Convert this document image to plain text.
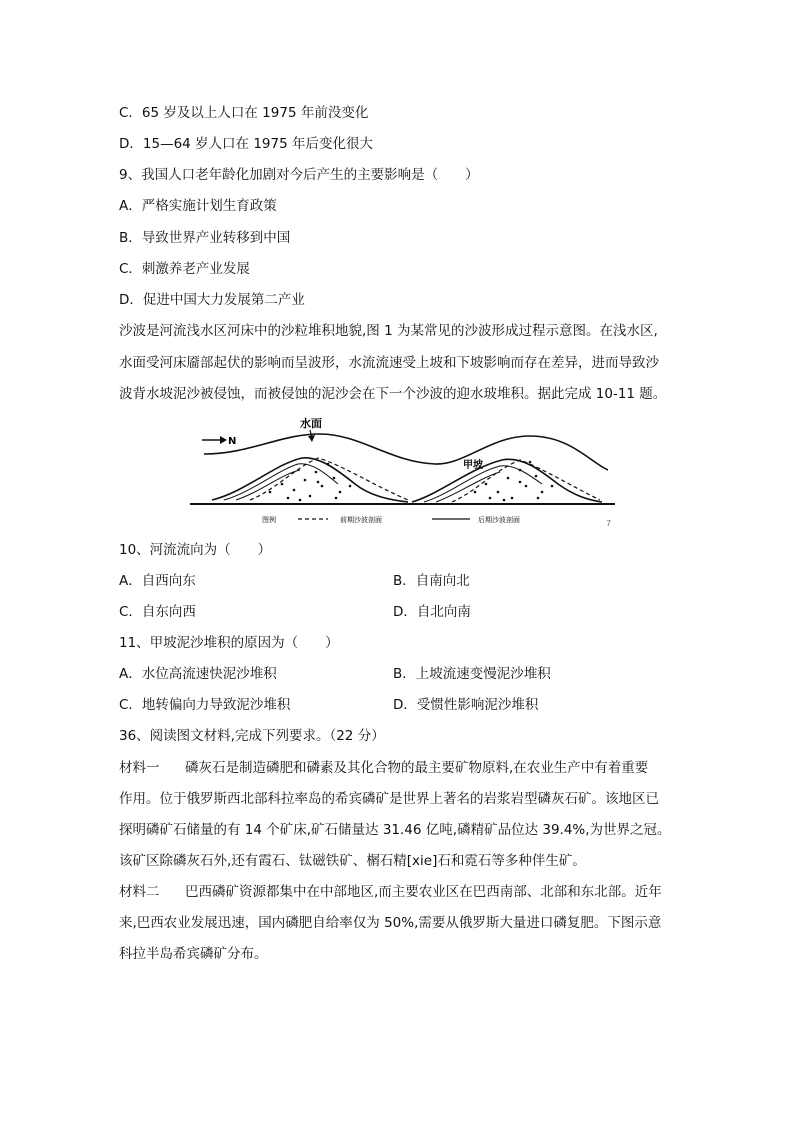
C．65 岁及以上人口在 1975 年前没变化
D．15—64 岁人口在 1975 年后变化很大
9、我国人口老年龄化加剧对今后产生的主要影响是（　　）
A．严格实施计划生育政策
B．导致世界产业转移到中国
C．刺激养老产业发展
D．促进中国大力发展第二产业
沙波是河流浅水区河床中的沙粒堆积地貌,图 1 为某常见的沙波形成过程示意图。在浅水区,
水面受河床靥部起伏的影响而呈波形，水流流速受上坡和下坡影响而存在差异，进而导致沙
波背水坡泥沙被侵蚀，而被侵蚀的泥沙会在下一个沙波的迎水玻堆积。据此完成 10-11 题。
N
水面
甲坡
图例	前期沙波剖面	后期沙波剖面	7
10、河流流向为（　　）
A．自西向东	B．自南向北
C．自东向西	D．自北向南
11、甲坡泥沙堆积的原因为（　　）
A．水位高流速快泥沙堆积	B．上坡流速变慢泥沙堆积
C．地转偏向力导致泥沙堆积	D．受惯性影响泥沙堆积
36、阅读图文材料,完成下列要求。（22 分）
材料一 磷灰石是制造磷肥和磷素及其化合物的最主要矿物原料,在农业生产中有着重要
作用。位于俄罗斯西北部科拉率岛的希宾磷矿是世界上著名的岩浆岩型磷灰石矿。该地区已
探明磷矿石储量的有 14 个矿床,矿石储量达 31.46 亿吨,磷精矿品位达 39.4%,为世界之冠。
该矿区除磷灰石外,还有霞石、钛磁铁矿、榍石精[xie]石和霓石等多种伴生矿。
材料二 巴西磷矿资源都集中在中部地区,而主要农业区在巴西南部、北部和东北部。近年
来,巴西农业发展迅速，国内磷肥自给率仅为 50%,需要从俄罗斯大量进口磷复肥。下图示意
科拉半岛希宾磷矿分布。
